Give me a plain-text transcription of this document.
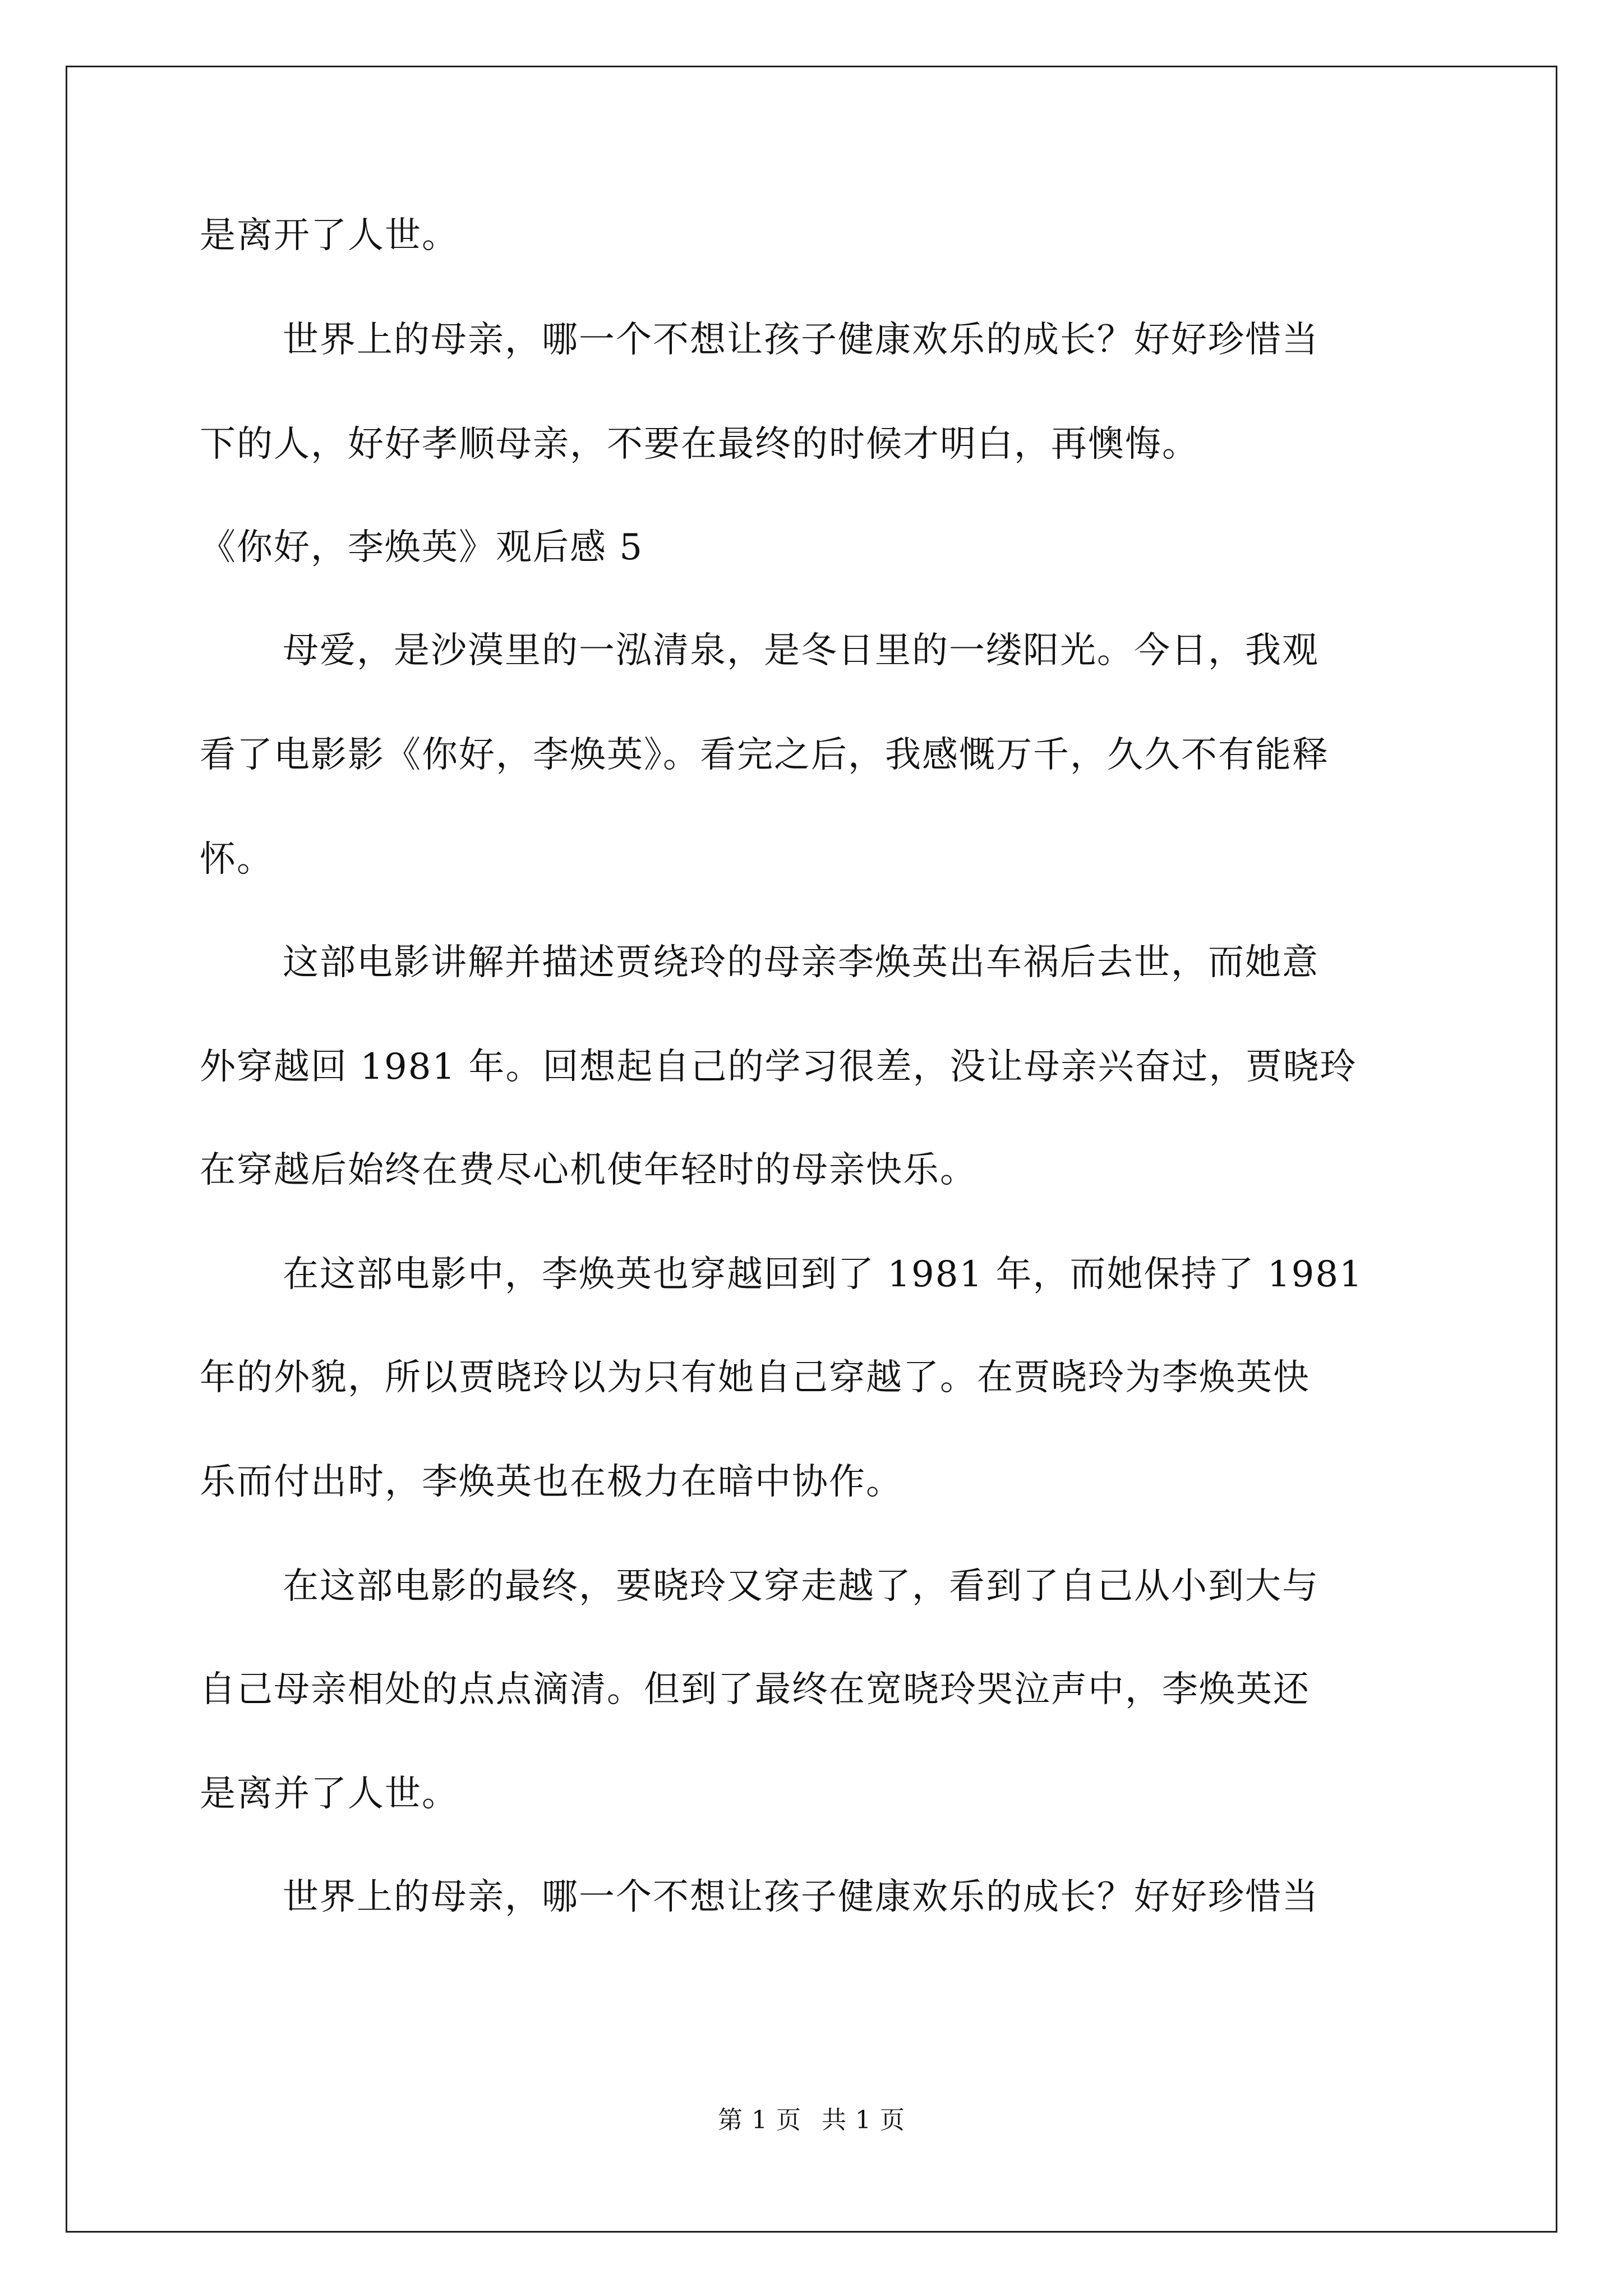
是离开了人世。
世界上的母亲，哪一个不想让孩子健康欢乐的成长？好好珍惜当
下的人，好好孝顺母亲，不要在最终的时候才明白，再懊悔。
《你好，李焕英》观后感 5
母爱，是沙漠里的一泓清泉，是冬日里的一缕阳光。今日，我观
看了电影影《你好，李焕英》。看完之后，我感慨万千，久久不有能释
怀。
这部电影讲解并描述贾绕玲的母亲李焕英出车祸后去世，而她意
外穿越回 1981 年。回想起自己的学习很差，没让母亲兴奋过，贾晓玲
在穿越后始终在费尽心机使年轻时的母亲快乐。
在这部电影中，李焕英也穿越回到了 1981 年，而她保持了 1981
年的外貌，所以贾晓玲以为只有她自己穿越了。在贾晓玲为李焕英快
乐而付出时，李焕英也在极力在暗中协作。
在这部电影的最终，要晓玲又穿走越了，看到了自己从小到大与
自己母亲相处的点点滴清。但到了最终在宽晓玲哭泣声中，李焕英还
是离并了人世。
世界上的母亲，哪一个不想让孩子健康欢乐的成长？好好珍惜当
第 1 页 共 1 页
